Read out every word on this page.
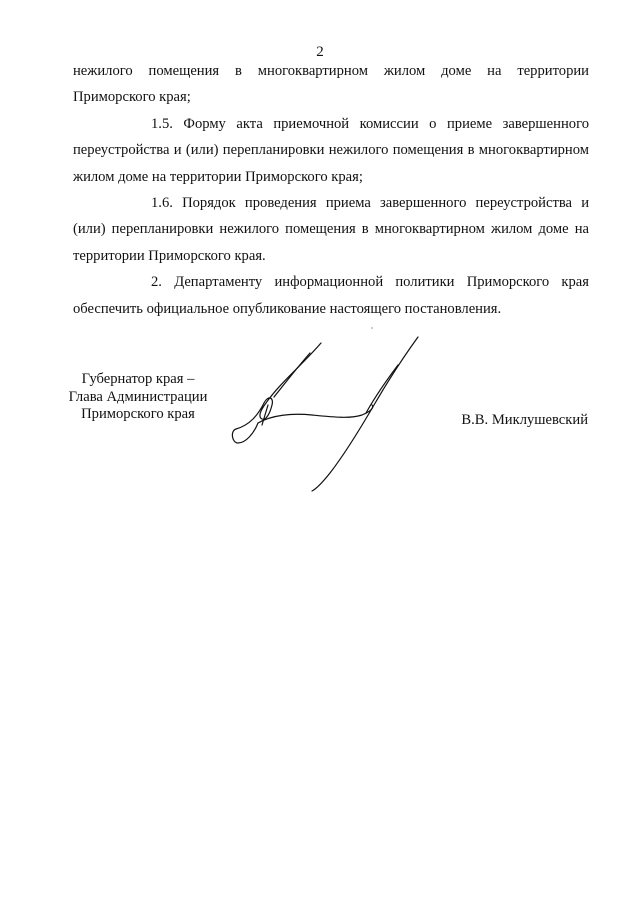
2

нежилого помещения в многоквартирном жилом доме на территории Приморского края;

1.5. Форму акта приемочной комиссии о приеме завершенного переустройства и (или) перепланировки нежилого помещения в многоквартирном жилом доме на территории Приморского края;

1.6. Порядок проведения приема завершенного переустройства и (или) перепланировки нежилого помещения в многоквартирном жилом доме на территории Приморского края.

2. Департаменту информационной политики Приморского края обеспечить официальное опубликование настоящего постановления.

Губернатор края –
Глава Администрации
Приморского края	В.В. Миклушевский
